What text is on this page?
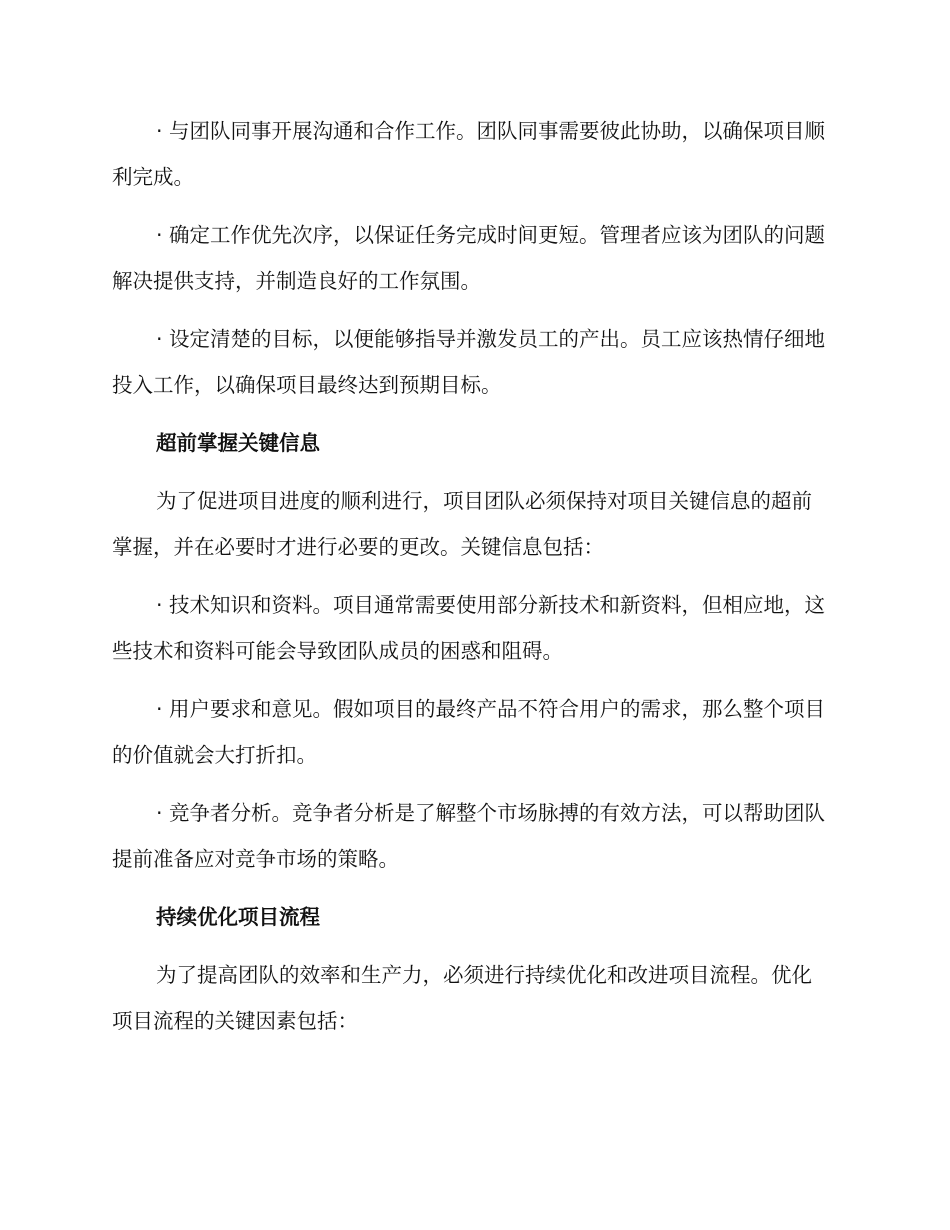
· 与团队同事开展沟通和合作工作。团队同事需要彼此协助，以确保项目顺利完成。

· 确定工作优先次序，以保证任务完成时间更短。管理者应该为团队的问题解决提供支持，并制造良好的工作氛围。

· 设定清楚的目标，以便能够指导并激发员工的产出。员工应该热情仔细地投入工作，以确保项目最终达到预期目标。

超前掌握关键信息

为了促进项目进度的顺利进行，项目团队必须保持对项目关键信息的超前掌握，并在必要时才进行必要的更改。关键信息包括：

· 技术知识和资料。项目通常需要使用部分新技术和新资料，但相应地，这些技术和资料可能会导致团队成员的困惑和阻碍。

· 用户要求和意见。假如项目的最终产品不符合用户的需求，那么整个项目的价值就会大打折扣。

· 竞争者分析。竞争者分析是了解整个市场脉搏的有效方法，可以帮助团队提前准备应对竞争市场的策略。

持续优化项目流程

为了提高团队的效率和生产力，必须进行持续优化和改进项目流程。优化项目流程的关键因素包括：
